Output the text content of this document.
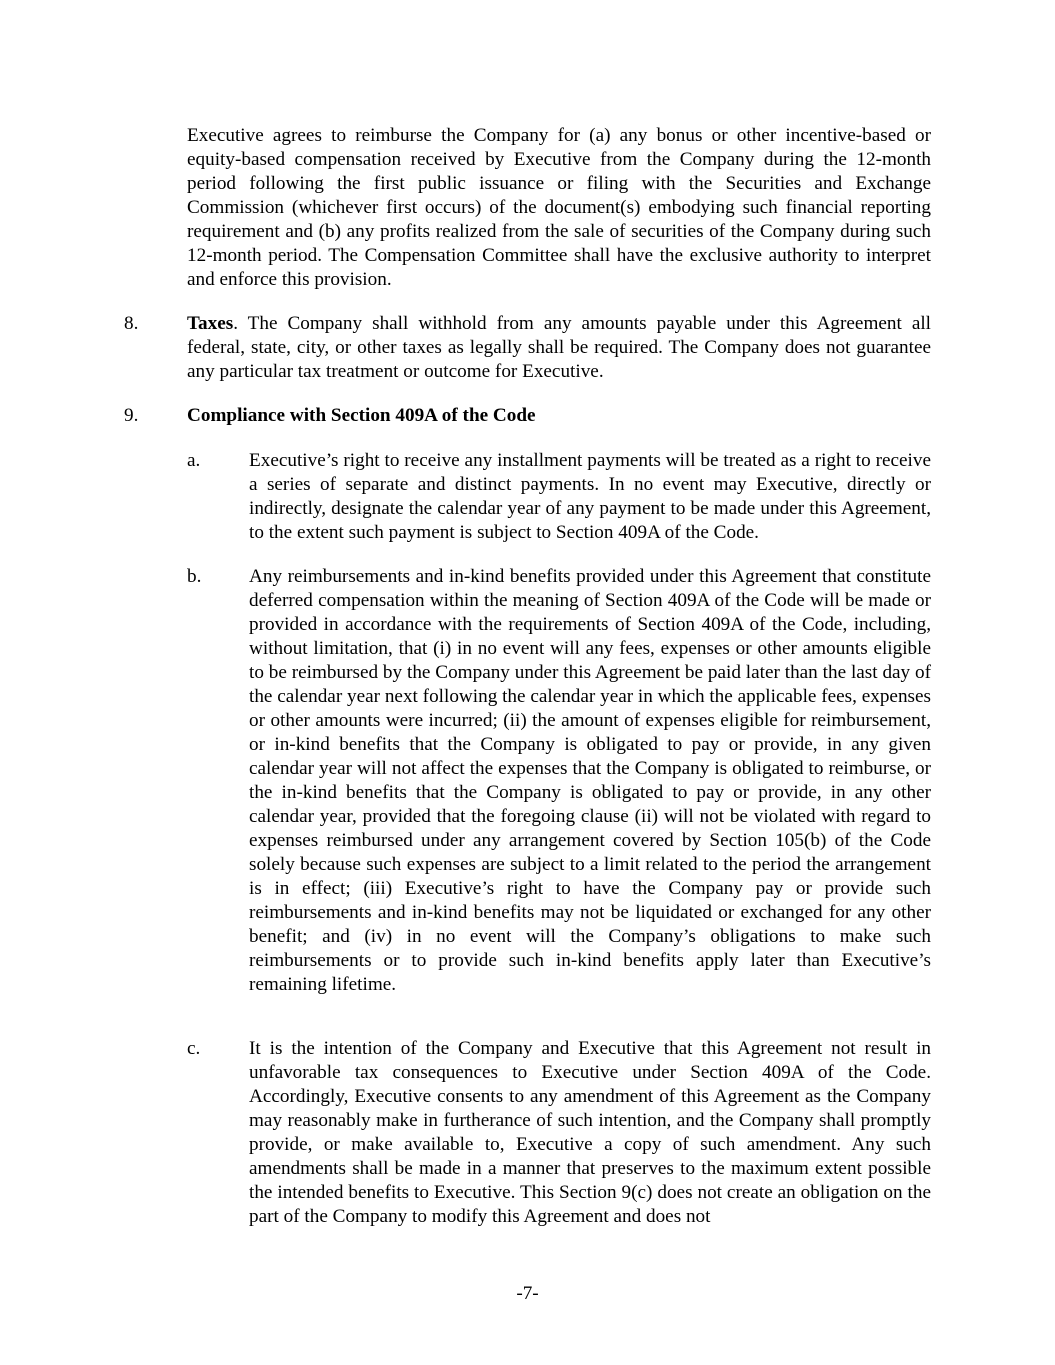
Executive agrees to reimburse the Company for (a) any bonus or other incentive-based or equity-based compensation received by Executive from the Company during the 12-month period following the first public issuance or filing with the Securities and Exchange Commission (whichever first occurs) of the document(s) embodying such financial reporting requirement and (b) any profits realized from the sale of securities of the Company during such 12-month period. The Compensation Committee shall have the exclusive authority to interpret and enforce this provision.

8.	Taxes. The Company shall withhold from any amounts payable under this Agreement all federal, state, city, or other taxes as legally shall be required. The Company does not guarantee any particular tax treatment or outcome for Executive.

9.	Compliance with Section 409A of the Code

a.	Executive’s right to receive any installment payments will be treated as a right to receive a series of separate and distinct payments. In no event may Executive, directly or indirectly, designate the calendar year of any payment to be made under this Agreement, to the extent such payment is subject to Section 409A of the Code.

b. Any reimbursements and in-kind benefits provided under this Agreement that constitute deferred compensation within the meaning of Section 409A of the Code will be made or provided in accordance with the requirements of Section 409A of the Code, including, without limitation, that (i) in no event will any fees, expenses or other amounts eligible to be reimbursed by the Company under this Agreement be paid later than the last day of the calendar year next following the calendar year in which the applicable fees, expenses or other amounts were incurred; (ii) the amount of expenses eligible for reimbursement, or in-kind benefits that the Company is obligated to pay or provide, in any given calendar year will not affect the expenses that the Company is obligated to reimburse, or the in-kind benefits that the Company is obligated to pay or provide, in any other calendar year, provided that the foregoing clause (ii) will not be violated with regard to expenses reimbursed under any arrangement covered by Section 105(b) of the Code solely because such expenses are subject to a limit related to the period the arrangement is in effect; (iii) Executive’s right to have the Company pay or provide such reimbursements and in-kind benefits may not be liquidated or exchanged for any other benefit; and (iv) in no event will the Company’s obligations to make such reimbursements or to provide such in-kind benefits apply later than Executive’s remaining lifetime.

c.	It is the intention of the Company and Executive that this Agreement not result in unfavorable tax consequences to Executive under Section 409A of the Code. Accordingly, Executive consents to any amendment of this Agreement as the Company may reasonably make in furtherance of such intention, and the Company shall promptly provide, or make available to, Executive a copy of such amendment. Any such amendments shall be made in a manner that preserves to the maximum extent possible the intended benefits to Executive. This Section 9(c) does not create an obligation on the part of the Company to modify this Agreement and does not

-7-
